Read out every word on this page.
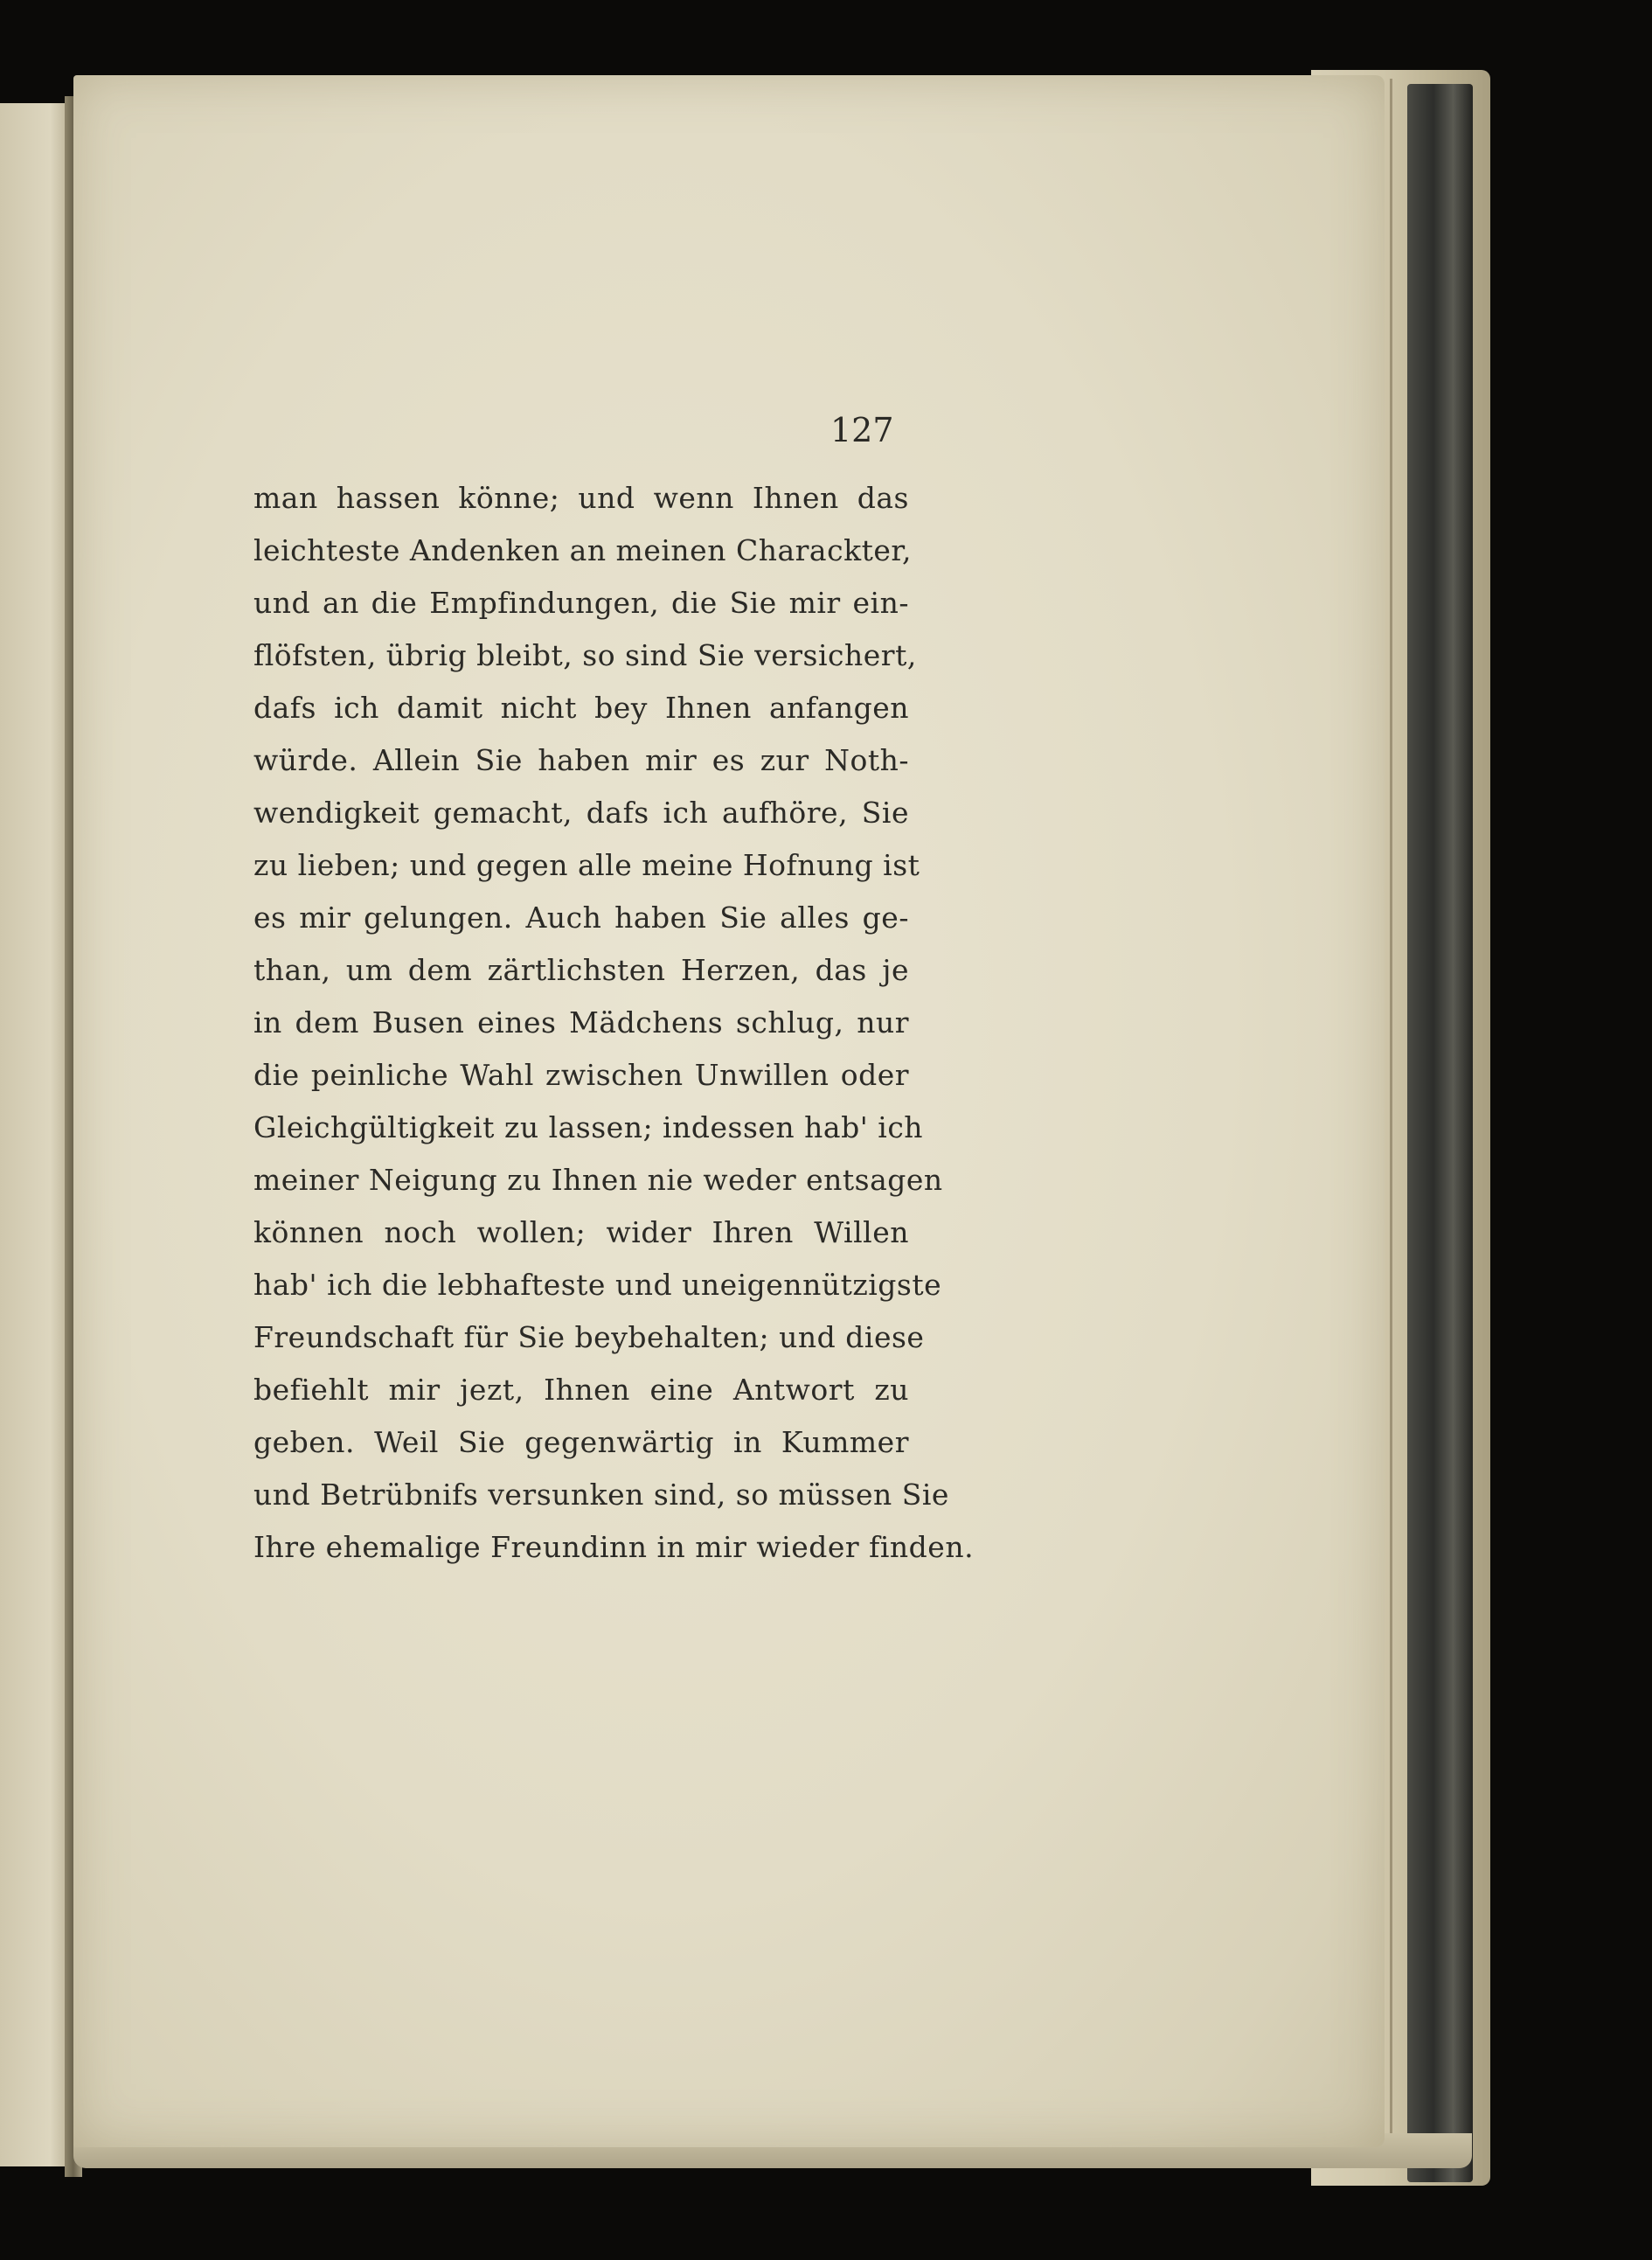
127
man hassen könne; und wenn Ihnen das
leichteste Andenken an meinen Charackter,
und an die Empfindungen, die Sie mir ein-
flöfsten, übrig bleibt, so sind Sie versichert,
dafs ich damit nicht bey Ihnen anfangen
würde. Allein Sie haben mir es zur Noth-
wendigkeit gemacht, dafs ich aufhöre, Sie
zu lieben; und gegen alle meine Hofnung ist
es mir gelungen. Auch haben Sie alles ge-
than, um dem zärtlichsten Herzen, das je
in dem Busen eines Mädchens schlug, nur
die peinliche Wahl zwischen Unwillen oder
Gleichgültigkeit zu lassen; indessen hab' ich
meiner Neigung zu Ihnen nie weder entsagen
können noch wollen; wider Ihren Willen
hab' ich die lebhafteste und uneigennützigste
Freundschaft für Sie beybehalten; und diese
befiehlt mir jezt, Ihnen eine Antwort zu
geben. Weil Sie gegenwärtig in Kummer
und Betrübnifs versunken sind, so müssen Sie
Ihre ehemalige Freundinn in mir wieder finden.
